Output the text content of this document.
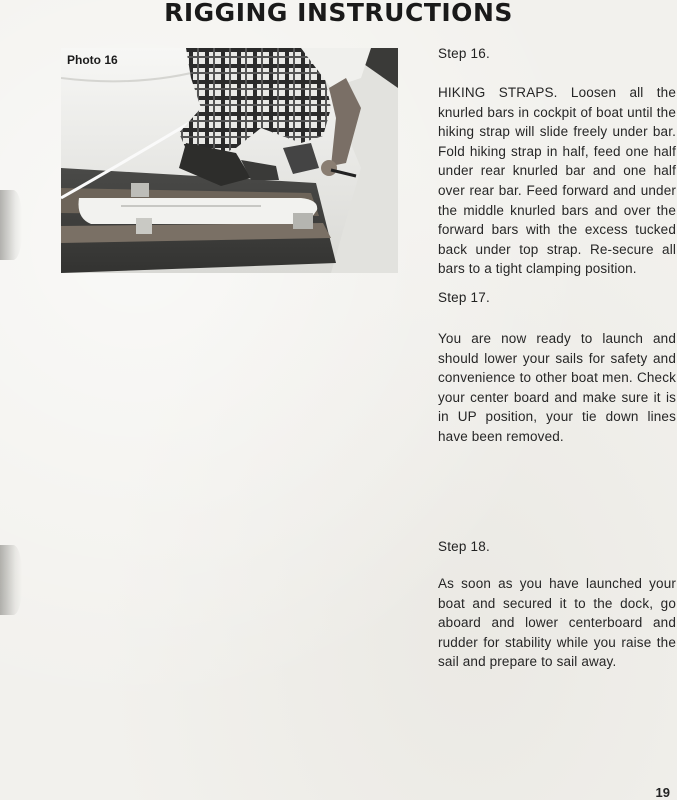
RIGGING INSTRUCTIONS
Photo 16	Step 16.

HIKING STRAPS. Loosen all the knurled bars in cockpit of boat until the hiking strap will slide freely under bar. Fold hiking strap in half, feed one half under rear knurled bar and one half over rear bar. Feed forward and under the middle knurled bars and over the forward bars with the excess tucked back under top strap. Re-secure all bars to a tight clamping position.

Step 17.

You are now ready to launch and should lower your sails for safety and convenience to other boat men. Check your center board and make sure it is in UP position, your tie down lines have been removed.

Step 18.

As soon as you have launched your boat and secured it to the dock, go aboard and lower centerboard and rudder for stability while you raise the sail and prepare to sail away.

19
